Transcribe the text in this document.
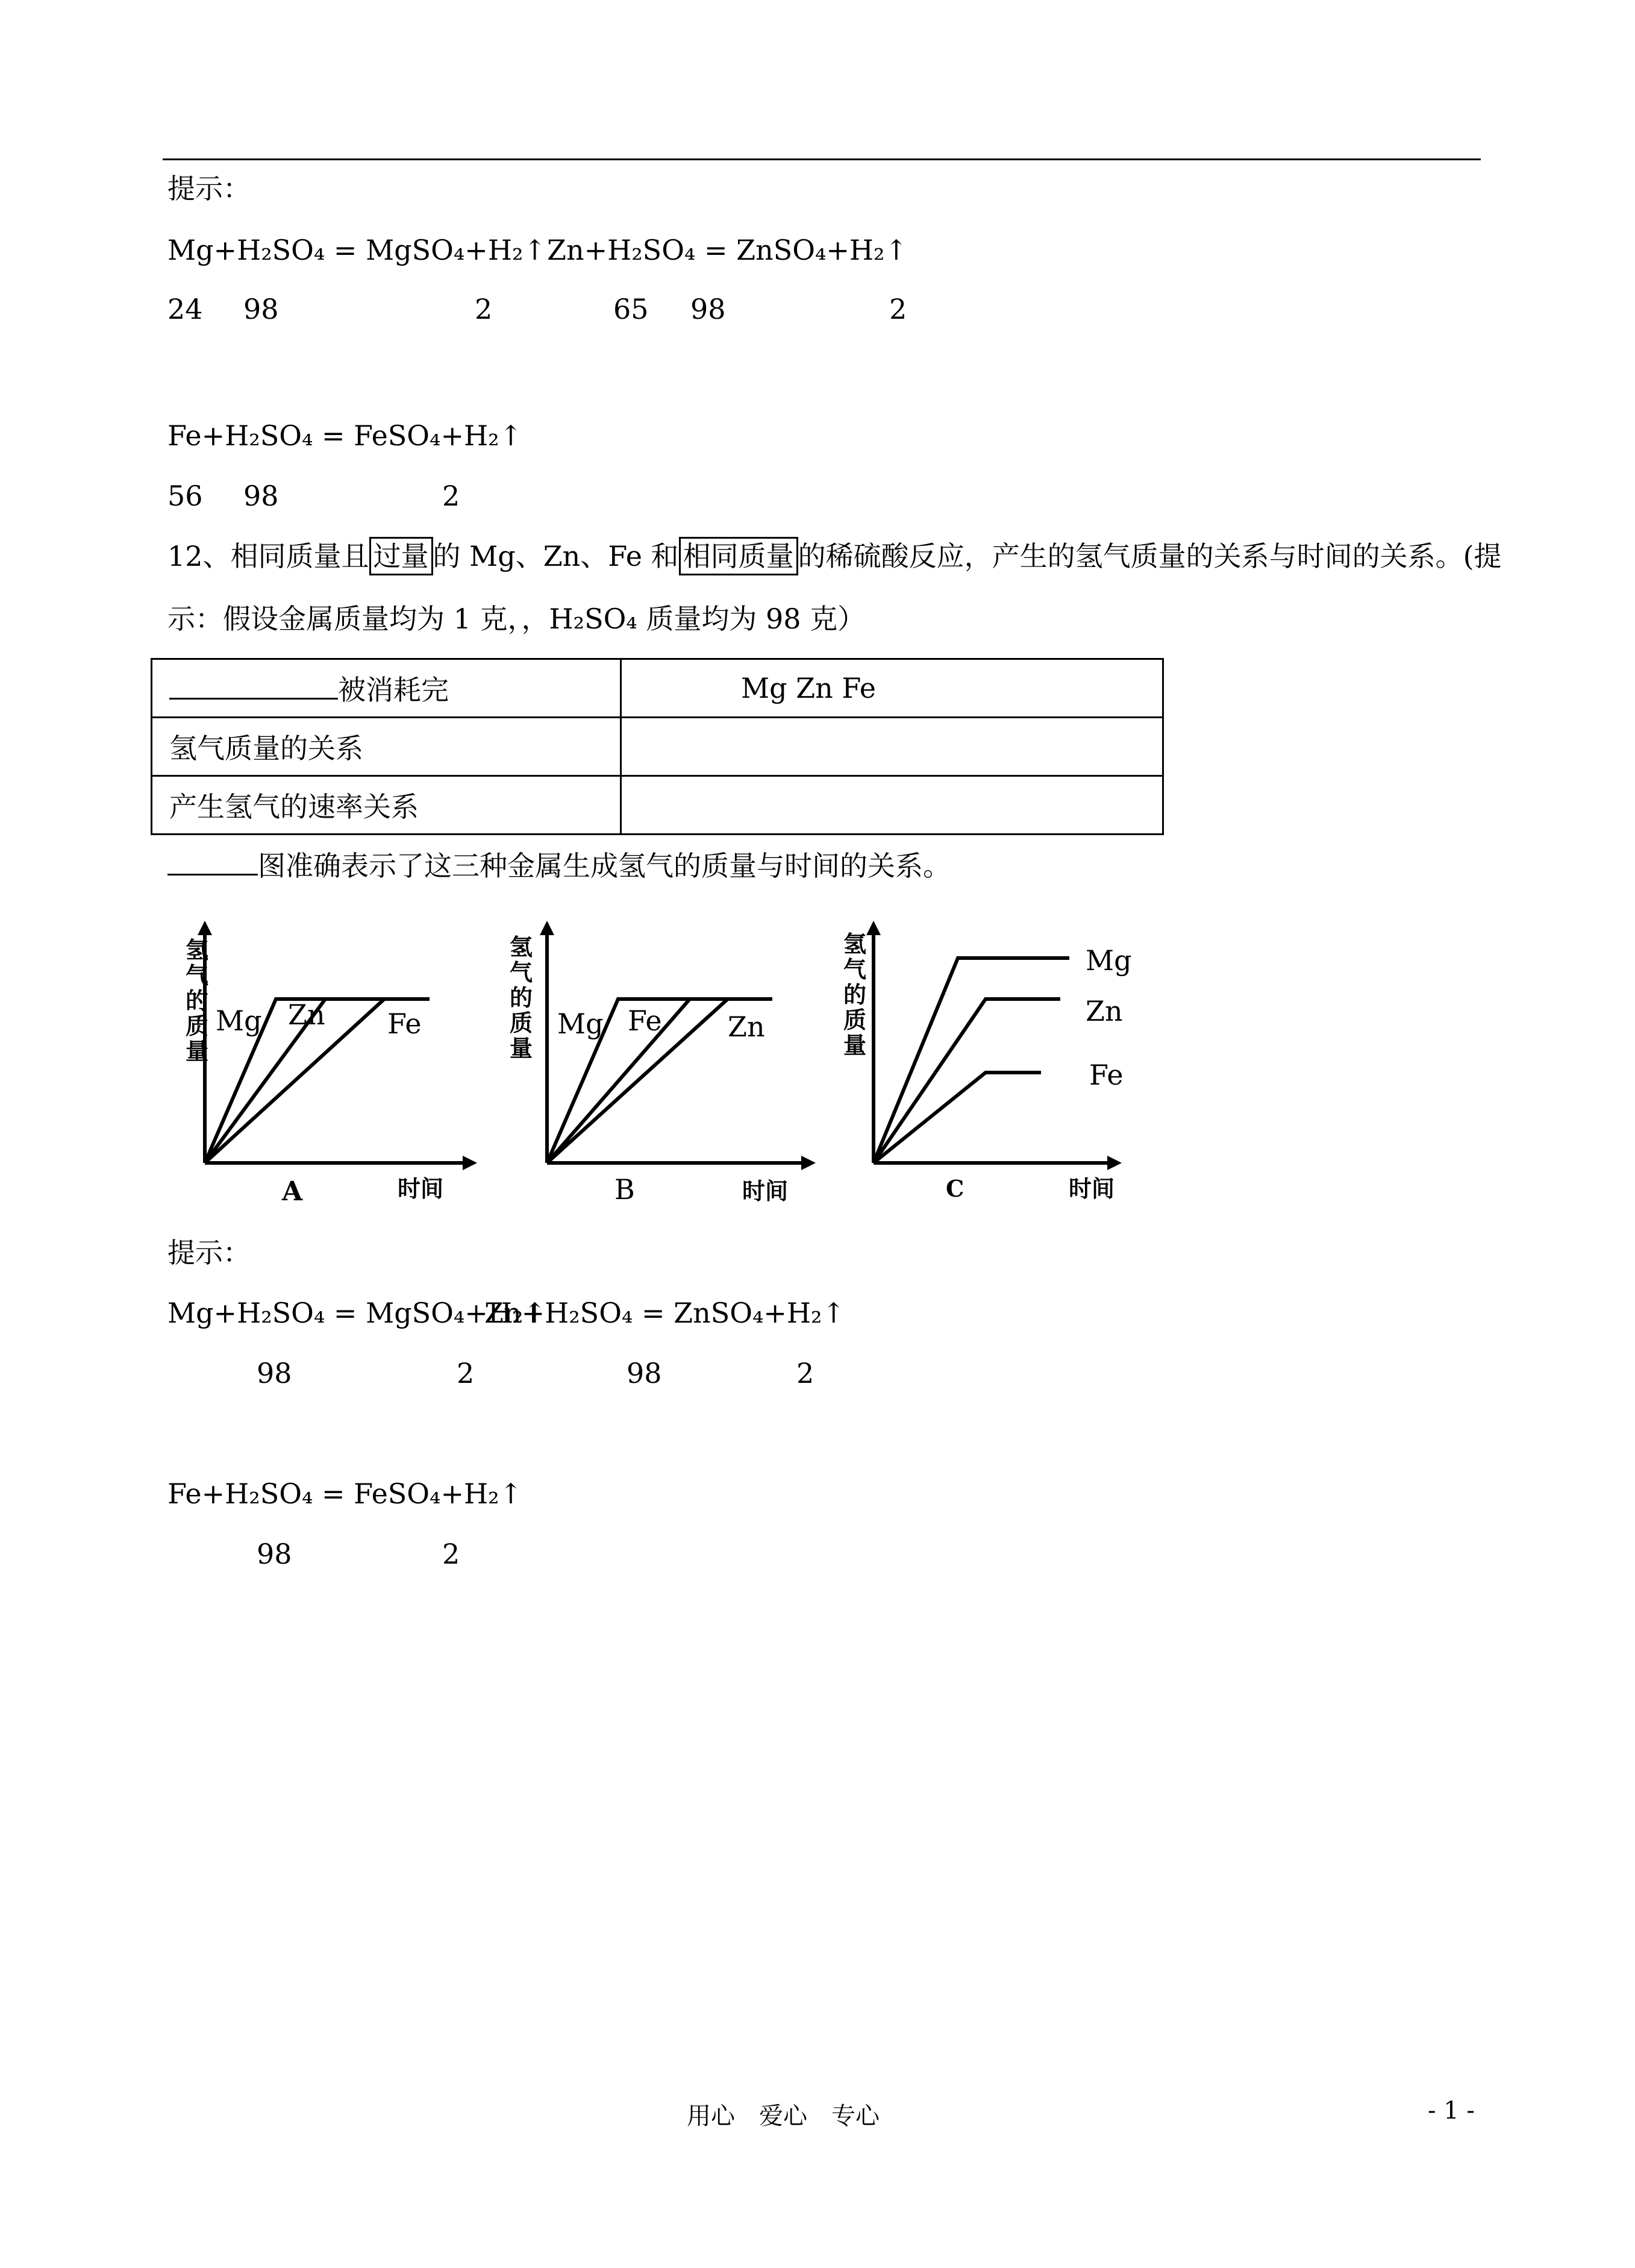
提示：
Mg+H₂SO₄ = MgSO₄+H₂↑ Zn+H₂SO₄ = ZnSO₄+H₂↑
24 98	2	65 98	2
Fe+H₂SO₄ = FeSO₄+H₂↑
56 98	2
12、相同质量且 过量 的 Mg、Zn、Fe 和 相同质量 的稀硫酸反应，产生的氢气质量的关系与时间的关系。(提
示：假设金属质量均为 1 克，，H₂SO₄ 质量均为 98 克）
被消耗完	Mg Zn Fe
氢气质量的关系	
产生氢气的速率关系	
图准确表示了这三种金属生成氢气的质量与时间的关系。
氢
气
的
质
量
Mg Zn Fe
A	时间
氢
气
的
质
量
Mg Fe Zn
B	时间
氢
气
的
质
量
Mg
Zn
Fe
C	时间
提示：
Mg+H₂SO₄ = MgSO₄+H₂↑
Zn+H₂SO₄ = ZnSO₄+H₂↑
98	2	98	2
Fe+H₂SO₄ = FeSO₄+H₂↑
98	2
用心　爱心　专心	- 1 -
